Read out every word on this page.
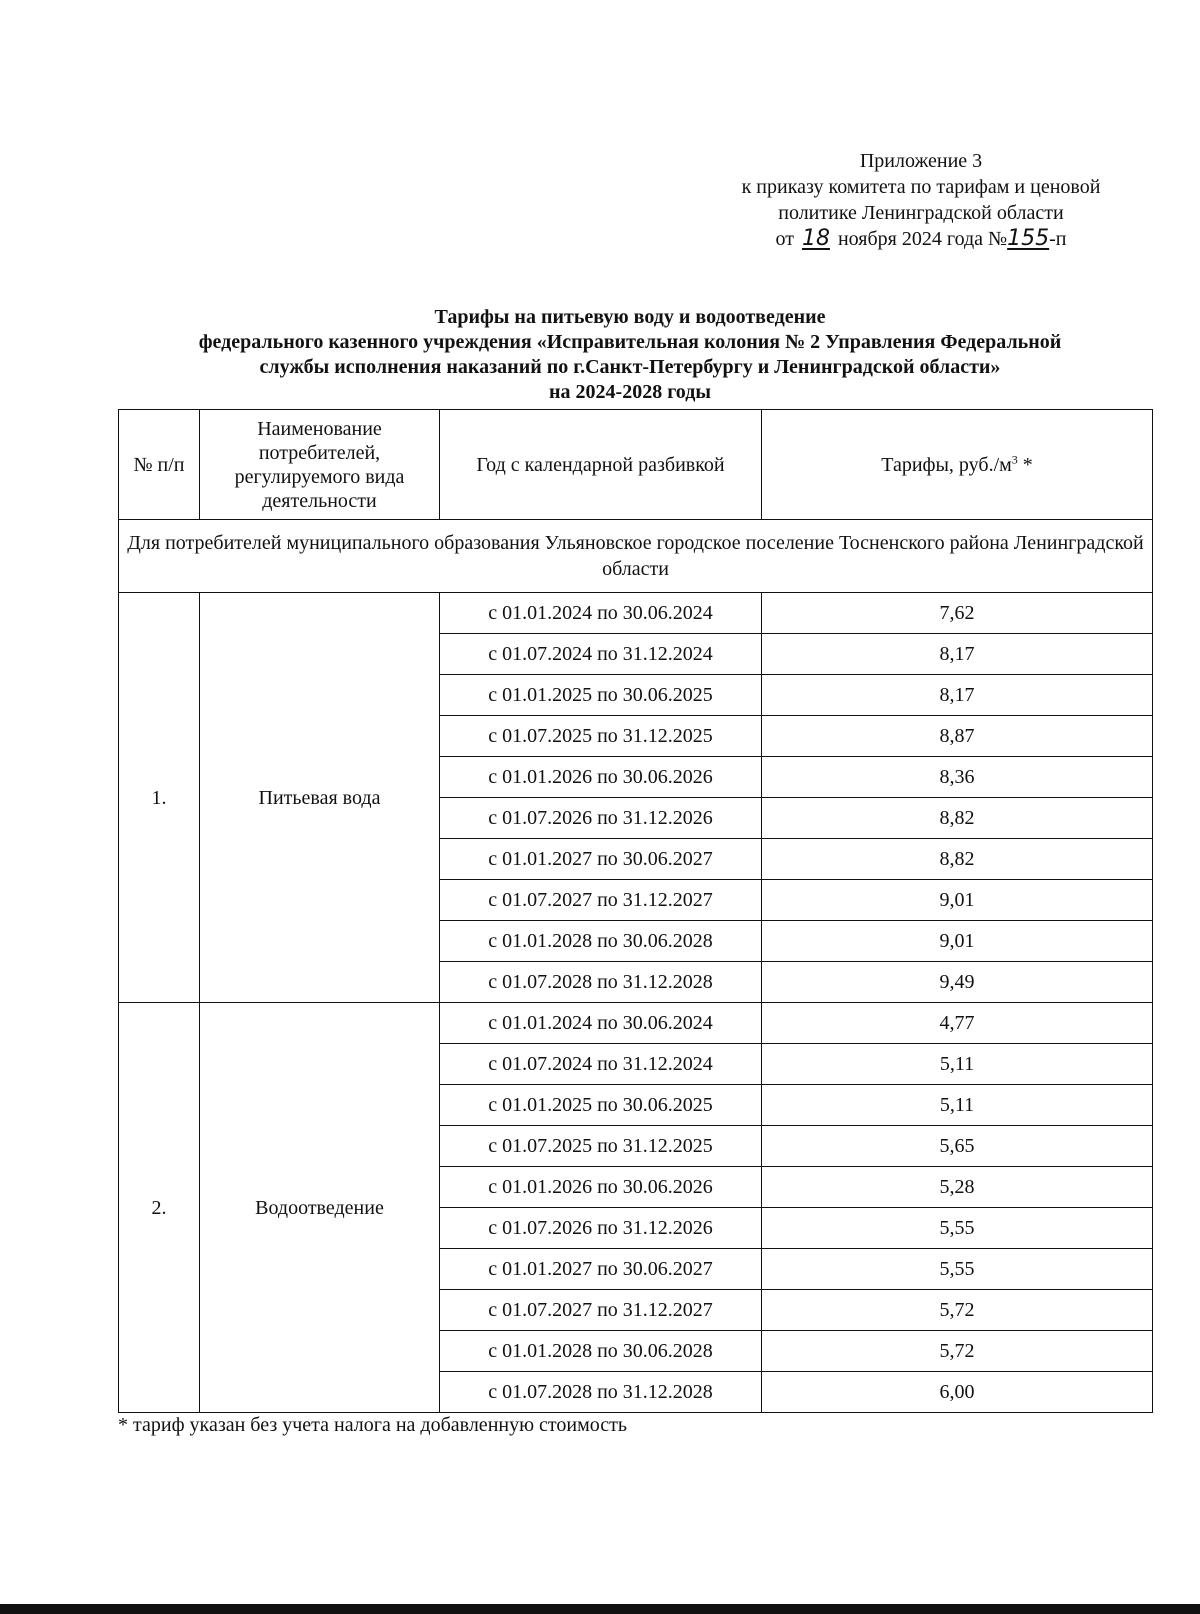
Приложение 3
к приказу комитета по тарифам и ценовой
политике Ленинградской области
от 18 ноября 2024 года №155-п
Тарифы на питьевую воду и водоотведение
федерального казенного учреждения «Исправительная колония № 2 Управления Федеральной
службы исполнения наказаний по г.Санкт-Петербургу и Ленинградской области»
на 2024-2028 годы
№ п/п	Наименование потребителей, регулируемого вида деятельности	Год с календарной разбивкой	Тарифы, $руб./м^3$ *
Для потребителей муниципального образования Ульяновское городское поселение Тосненского района Ленинградской области			
1.	Питьевая вода	с 01.01.2024 по 30.06.2024	7,62
		с 01.07.2024 по 31.12.2024	8,17
		с 01.01.2025 по 30.06.2025	8,17
		с 01.07.2025 по 31.12.2025	8,87
		с 01.01.2026 по 30.06.2026	8,36
		с 01.07.2026 по 31.12.2026	8,82
		с 01.01.2027 по 30.06.2027	8,82
		с 01.07.2027 по 31.12.2027	9,01
		с 01.01.2028 по 30.06.2028	9,01
		с 01.07.2028 по 31.12.2028	9,49
2.	Водоотведение	с 01.01.2024 по 30.06.2024	4,77
		с 01.07.2024 по 31.12.2024	5,11
		с 01.01.2025 по 30.06.2025	5,11
		с 01.07.2025 по 31.12.2025	5,65
		с 01.01.2026 по 30.06.2026	5,28
		с 01.07.2026 по 31.12.2026	5,55
		с 01.01.2027 по 30.06.2027	5,55
		с 01.07.2027 по 31.12.2027	5,72
		с 01.01.2028 по 30.06.2028	5,72
		с 01.07.2028 по 31.12.2028	6,00
* тариф указан без учета налога на добавленную стоимость
